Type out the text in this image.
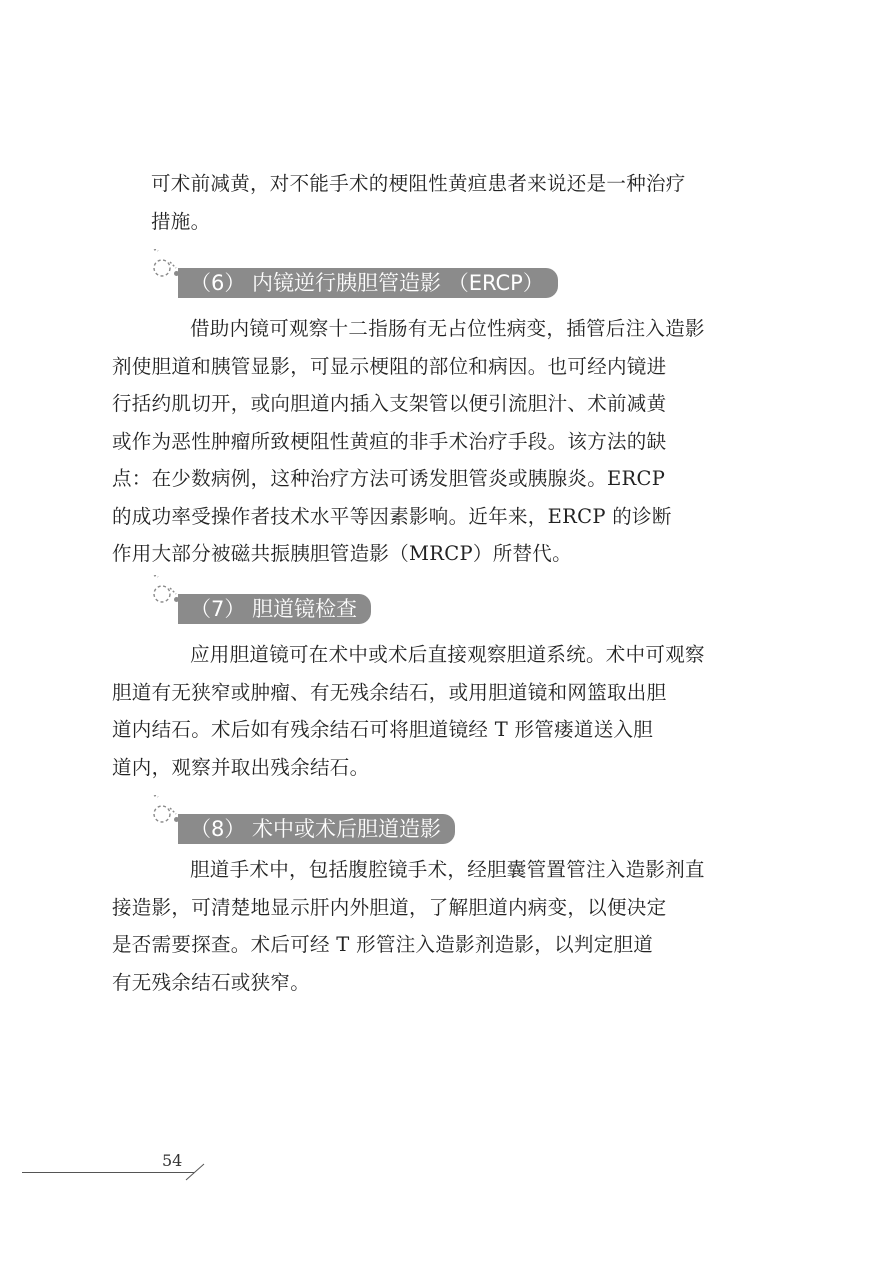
可术前减黄，对不能手术的梗阻性黄疸患者来说还是一种治疗
措施。

（6） 内镜逆行胰胆管造影 （ERCP）

借助内镜可观察十二指肠有无占位性病变，插管后注入造影
剂使胆道和胰管显影，可显示梗阻的部位和病因。也可经内镜进
行括约肌切开，或向胆道内插入支架管以便引流胆汁、术前减黄
或作为恶性肿瘤所致梗阻性黄疸的非手术治疗手段。该方法的缺
点：在少数病例，这种治疗方法可诱发胆管炎或胰腺炎。ERCP
的成功率受操作者技术水平等因素影响。近年来，ERCP 的诊断
作用大部分被磁共振胰胆管造影（MRCP）所替代。

（7） 胆道镜检查

应用胆道镜可在术中或术后直接观察胆道系统。术中可观察
胆道有无狭窄或肿瘤、有无残余结石，或用胆道镜和网篮取出胆
道内结石。术后如有残余结石可将胆道镜经 T 形管瘘道送入胆
道内，观察并取出残余结石。

（8） 术中或术后胆道造影

胆道手术中，包括腹腔镜手术，经胆囊管置管注入造影剂直
接造影，可清楚地显示肝内外胆道，了解胆道内病变，以便决定
是否需要探查。术后可经 T 形管注入造影剂造影，以判定胆道
有无残余结石或狭窄。

54
